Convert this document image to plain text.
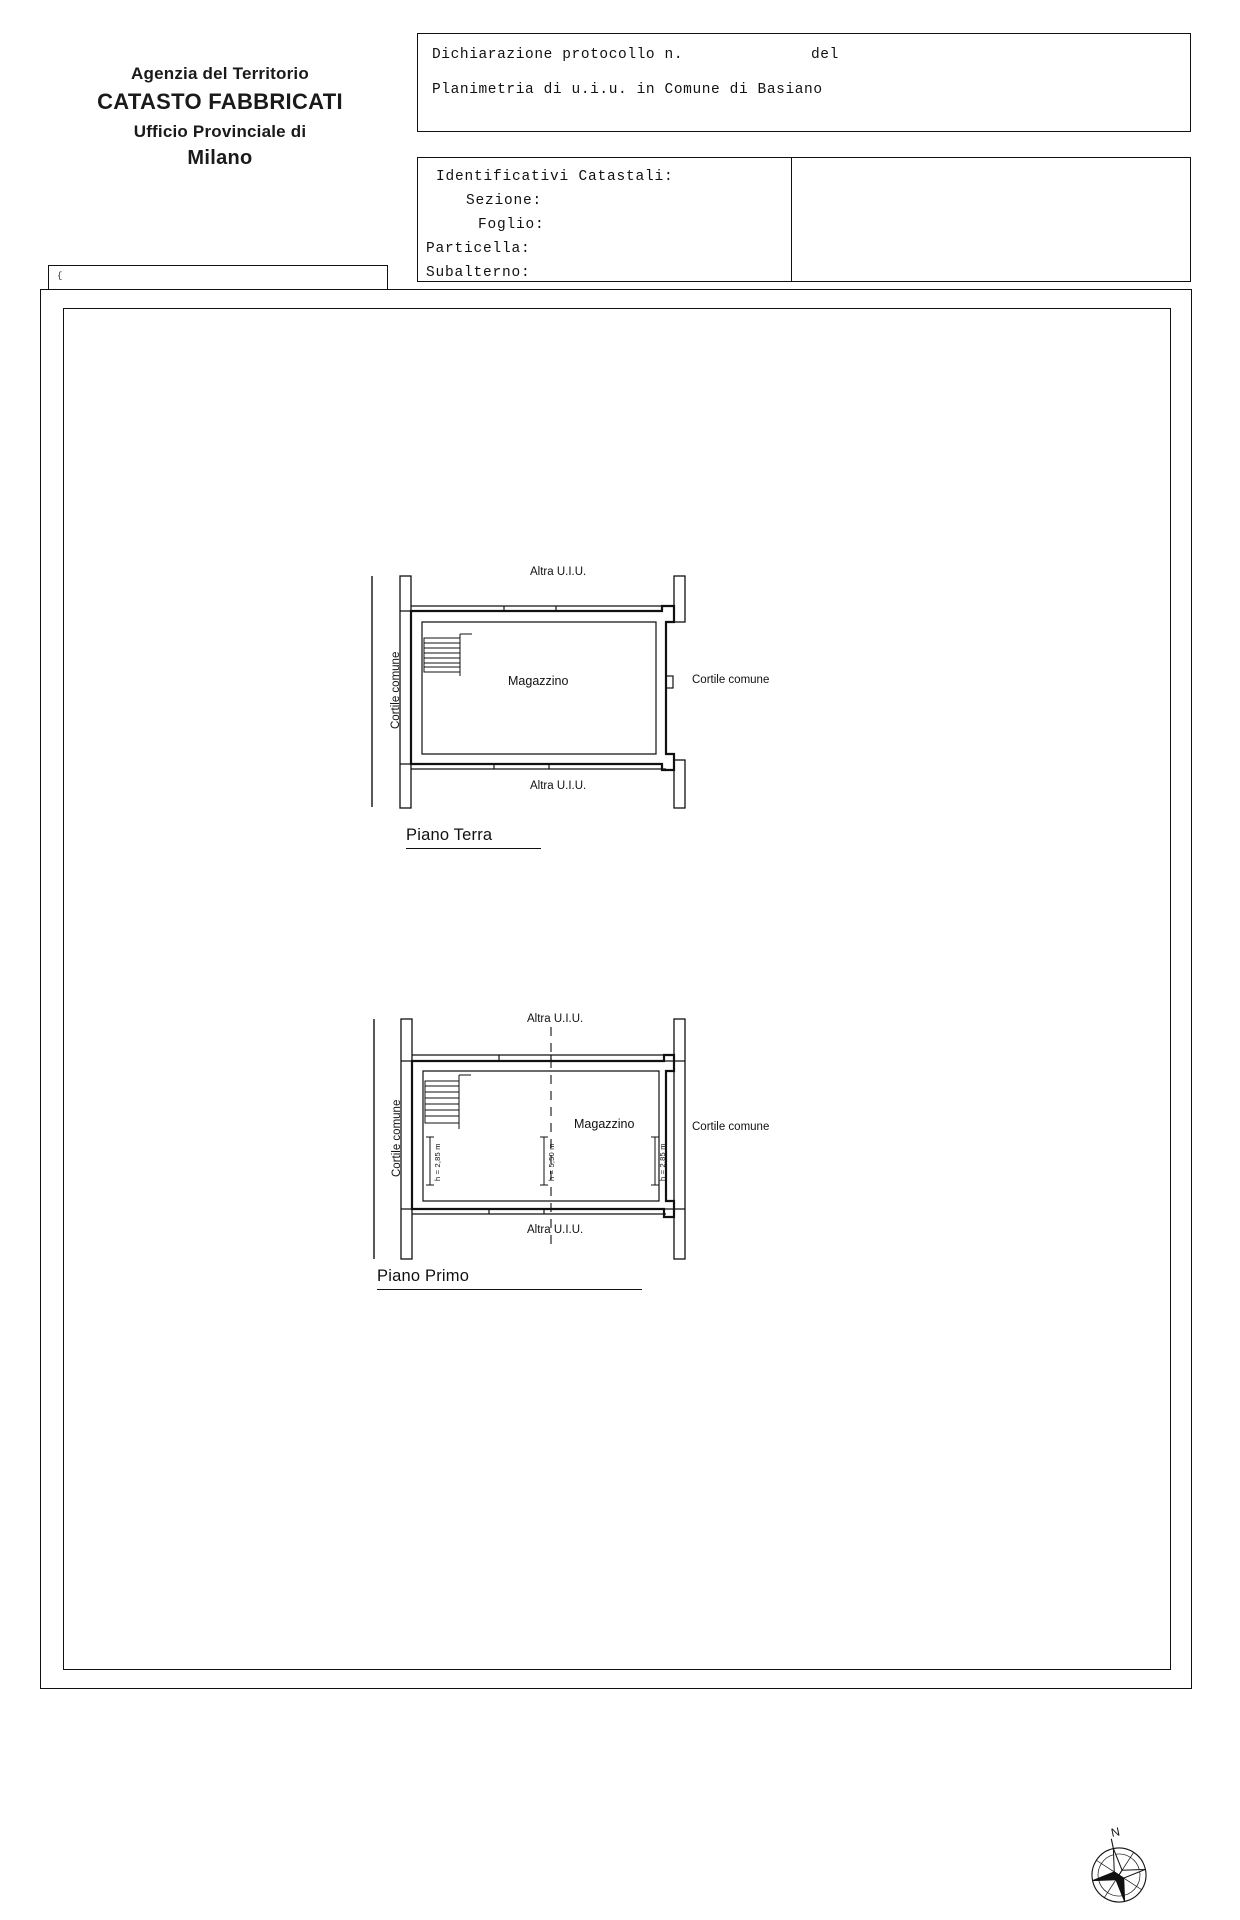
Agenzia del Territorio
CATASTO FABBRICATI
Ufficio Provinciale di
Milano
Dichiarazione protocollo n.	del
Planimetria di u.i.u. in Comune di Basiano
Identificativi Catastali:
Sezione:
Foglio:
Particella:
Subalterno:

{
Altra U.I.U.
Altra U.I.U.
Cortile comune	Cortile comune
Magazzino
Piano Terra

Altra U.I.U.
Altra U.I.U.
Cortile comune	Cortile comune
Magazzino
h = 2,85 m	h = 5,50 m	h = 2,85 m
Piano Primo
N
